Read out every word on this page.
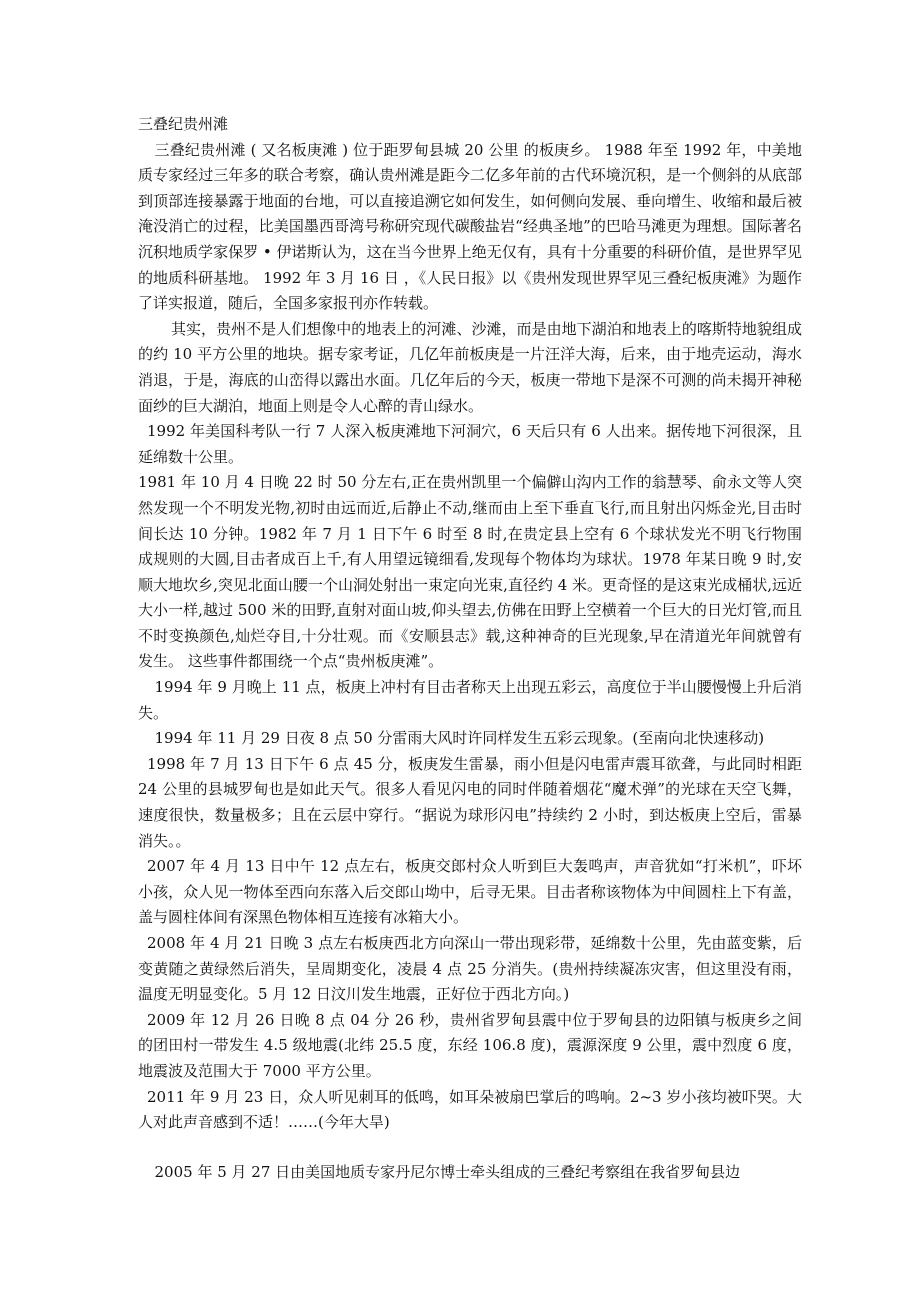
三叠纪贵州滩

三叠纪贵州滩 ( 又名板庚滩 ) 位于距罗甸县城 20 公里 的板庚乡。 1988 年至 1992 年，中美地质专家经过三年多的联合考察，确认贵州滩是距今二亿多年前的古代环境沉积，是一个侧斜的从底部到顶部连接暴露于地面的台地，可以直接追溯它如何发生，如何侧向发展、垂向增生、收缩和最后被淹没消亡的过程，比美国墨西哥湾号称研究现代碳酸盐岩“经典圣地”的巴哈马滩更为理想。国际著名沉积地质学家保罗 • 伊诺斯认为，这在当今世界上绝无仅有，具有十分重要的科研价值，是世界罕见的地质科研基地。 1992 年 3 月 16 日 ，《人民日报》以《贵州发现世界罕见三叠纪板庚滩》为题作了详实报道，随后，全国多家报刊亦作转载。

其实，贵州不是人们想像中的地表上的河滩、沙滩，而是由地下湖泊和地表上的喀斯特地貌组成的约 10 平方公里的地块。据专家考证，几亿年前板庚是一片汪洋大海，后来，由于地壳运动，海水消退，于是，海底的山峦得以露出水面。几亿年后的今天，板庚一带地下是深不可测的尚未揭开神秘面纱的巨大湖泊，地面上则是令人心醉的青山绿水。

1992 年美国科考队一行 7 人深入板庚滩地下河洞穴，6 天后只有 6 人出来。据传地下河很深，且延绵数十公里。

1981 年 10 月 4 日晚 22 时 50 分左右,正在贵州凯里一个偏僻山沟内工作的翁慧琴、俞永文等人突然发现一个不明发光物,初时由远而近,后静止不动,继而由上至下垂直飞行,而且射出闪烁金光,目击时间长达 10 分钟。1982 年 7 月 1 日下午 6 时至 8 时,在贵定县上空有 6 个球状发光不明飞行物围成规则的大圆,目击者成百上千,有人用望远镜细看,发现每个物体均为球状。1978 年某日晚 9 时,安顺大地坎乡,突见北面山腰一个山洞处射出一束定向光束,直径约 4 米。更奇怪的是这束光成桶状,远近大小一样,越过 500 米的田野,直射对面山坡,仰头望去,仿佛在田野上空横着一个巨大的日光灯管,而且不时变换颜色,灿烂夺目,十分壮观。而《安顺县志》载,这种神奇的巨光现象,早在清道光年间就曾有发生。 这些事件都围绕一个点“贵州板庚滩”。

1994 年 9 月晚上 11 点，板庚上冲村有目击者称天上出现五彩云，高度位于半山腰慢慢上升后消失。

1994 年 11 月 29 日夜 8 点 50 分雷雨大风时许同样发生五彩云现象。(至南向北快速移动)

1998 年 7 月 13 日下午 6 点 45 分，板庚发生雷暴，雨小但是闪电雷声震耳欲聋，与此同时相距 24 公里的县城罗甸也是如此天气。很多人看见闪电的同时伴随着烟花“魔术弹”的光球在天空飞舞，速度很快，数量极多；且在云层中穿行。“据说为球形闪电”持续约 2 小时，到达板庚上空后，雷暴消失。。

2007 年 4 月 13 日中午 12 点左右，板庚交郎村众人听到巨大轰鸣声，声音犹如“打米机”，吓坏小孩，众人见一物体至西向东落入后交郎山坳中，后寻无果。目击者称该物体为中间圆柱上下有盖，盖与圆柱体间有深黑色物体相互连接有冰箱大小。

2008 年 4 月 21 日晚 3 点左右板庚西北方向深山一带出现彩带，延绵数十公里，先由蓝变紫，后变黄随之黄绿然后消失，呈周期变化，凌晨 4 点 25 分消失。(贵州持续凝冻灾害，但这里没有雨，温度无明显变化。5 月 12 日汶川发生地震，正好位于西北方向。)

2009 年 12 月 26 日晚 8 点 04 分 26 秒，贵州省罗甸县震中位于罗甸县的边阳镇与板庚乡之间的团田村一带发生 4.5 级地震(北纬 25.5 度，东经 106.8 度)，震源深度 9 公里，震中烈度 6 度，地震波及范围大于 7000 平方公里。

2011 年 9 月 23 日，众人听见刺耳的低鸣，如耳朵被扇巴掌后的鸣响。2~3 岁小孩均被吓哭。大人对此声音感到不适！……(今年大旱)

2005 年 5 月 27 日由美国地质专家丹尼尔博士牵头组成的三叠纪考察组在我省罗甸县边
